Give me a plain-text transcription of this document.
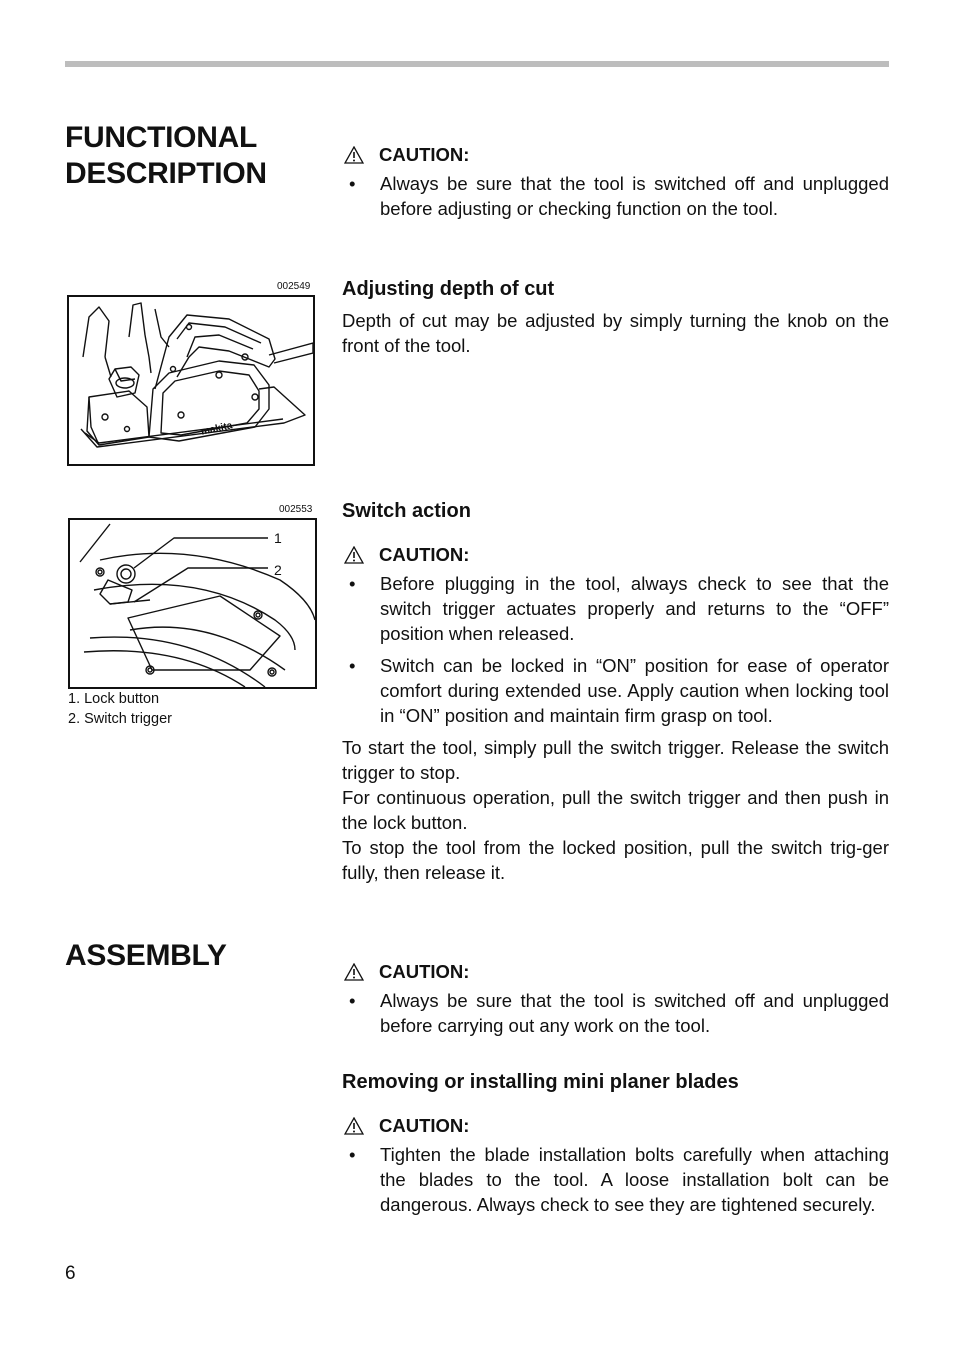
FUNCTIONAL DESCRIPTION
002549
makita
002553
1
2
1. Lock button
2. Switch trigger
CAUTION:
• Always be sure that the tool is switched off and unplugged before adjusting or checking function on the tool.
Adjusting depth of cut

Depth of cut may be adjusted by simply turning the knob on the front of the tool.

Switch action
CAUTION:
• Before plugging in the tool, always check to see that the switch trigger actuates properly and returns to the “OFF” position when released.
• Switch can be locked in “ON” position for ease of operator comfort during extended use. Apply caution when locking tool in “ON” position and maintain firm grasp on tool.

To start the tool, simply pull the switch trigger. Release the switch trigger to stop.

For continuous operation, pull the switch trigger and then push in the lock button.

To stop the tool from the locked position, pull the switch trig-ger fully, then release it.

ASSEMBLY	CAUTION:
• Always be sure that the tool is switched off and unplugged before carrying out any work on the tool.
Removing or installing mini planer blades
CAUTION:
• Tighten the blade installation bolts carefully when attaching the blades to the tool. A loose installation bolt can be dangerous. Always check to see they are tightened securely.
6
